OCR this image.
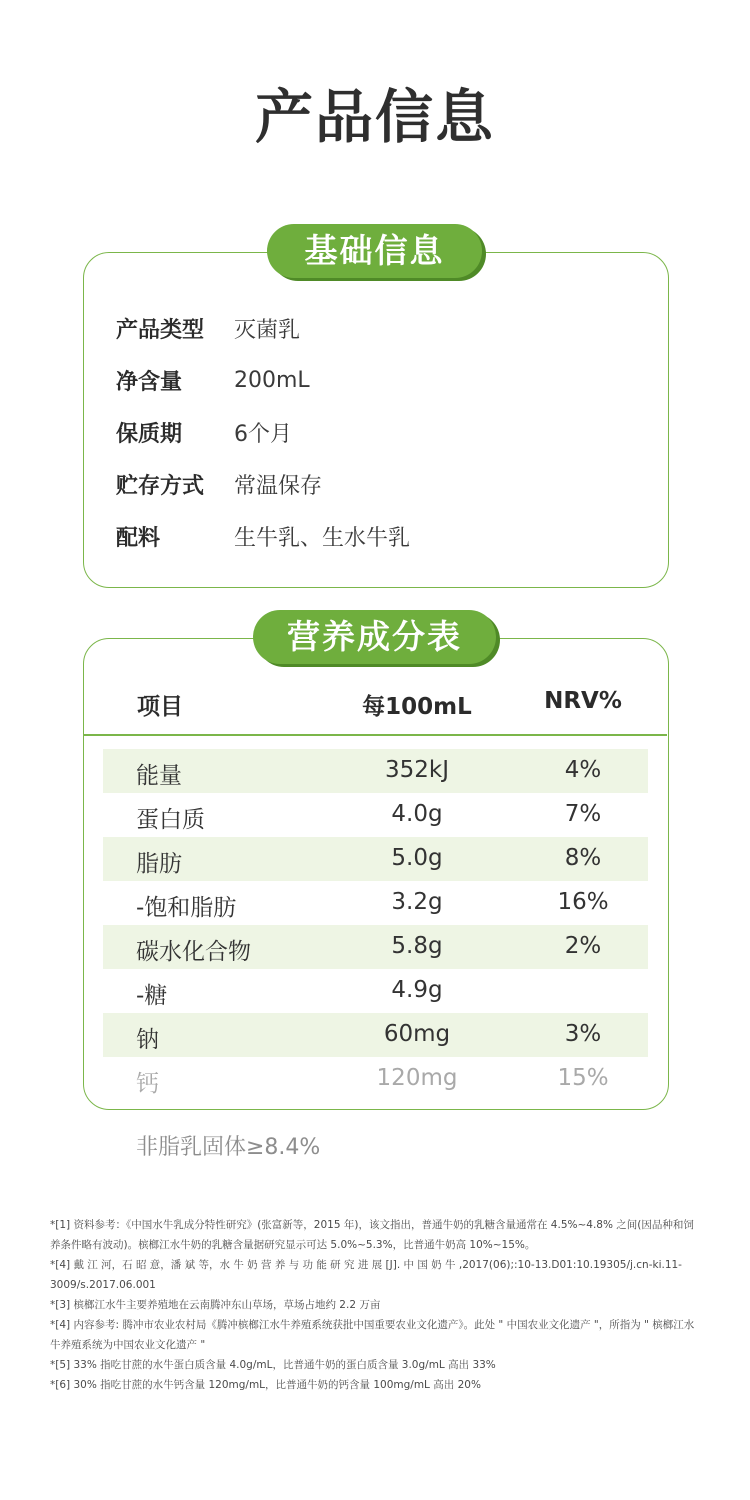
产品信息
基础信息
产品类型	灭菌乳
净含量	200mL
保质期	6个月
贮存方式	常温保存
配料	生牛乳、生水牛乳
营养成分表
项目	每100mL	NRV%
能量	352kJ	4%
蛋白质	4.0g	7%
脂肪	5.0g	8%
-饱和脂肪	3.2g	16%
碳水化合物	5.8g	2%
-糖	4.9g
钠	60mg	3%
钙	120mg	15%
非脂乳固体≥8.4%

*[1] 资料参考：《中国水牛乳成分特性研究》(张富新等，2015 年)，该文指出，普通牛奶的乳糖含量通常在 4.5%~4.8% 之间(因品种和饲养条件略有波动)。槟榔江水牛奶的乳糖含量据研究显示可达 5.0%~5.3%，比普通牛奶高 10%~15%。

*[4] 戴 江 河，石 昭 意，潘 斌 等，水 牛 奶 营 养 与 功 能 研 究 进 展 [J]. 中 国 奶 牛 ,2017(06);:10-13.D01:10.19305/j.cn-ki.11-3009/s.2017.06.001

*[3] 槟榔江水牛主要养殖地在云南腾冲东山草场，草场占地约 2.2 万亩

*[4] 内容参考: 腾冲市农业农村局《腾冲槟榔江水牛养殖系统获批中国重要农业文化遗产》。此处 " 中国农业文化遗产 "，所指为 " 槟榔江水牛养殖系统为中国农业文化遗产 "

*[5] 33% 指吃甘蔗的水牛蛋白质含量 4.0g/mL，比普通牛奶的蛋白质含量 3.0g/mL 高出 33%

*[6] 30% 指吃甘蔗的水牛钙含量 120mg/mL，比普通牛奶的钙含量 100mg/mL 高出 20%
